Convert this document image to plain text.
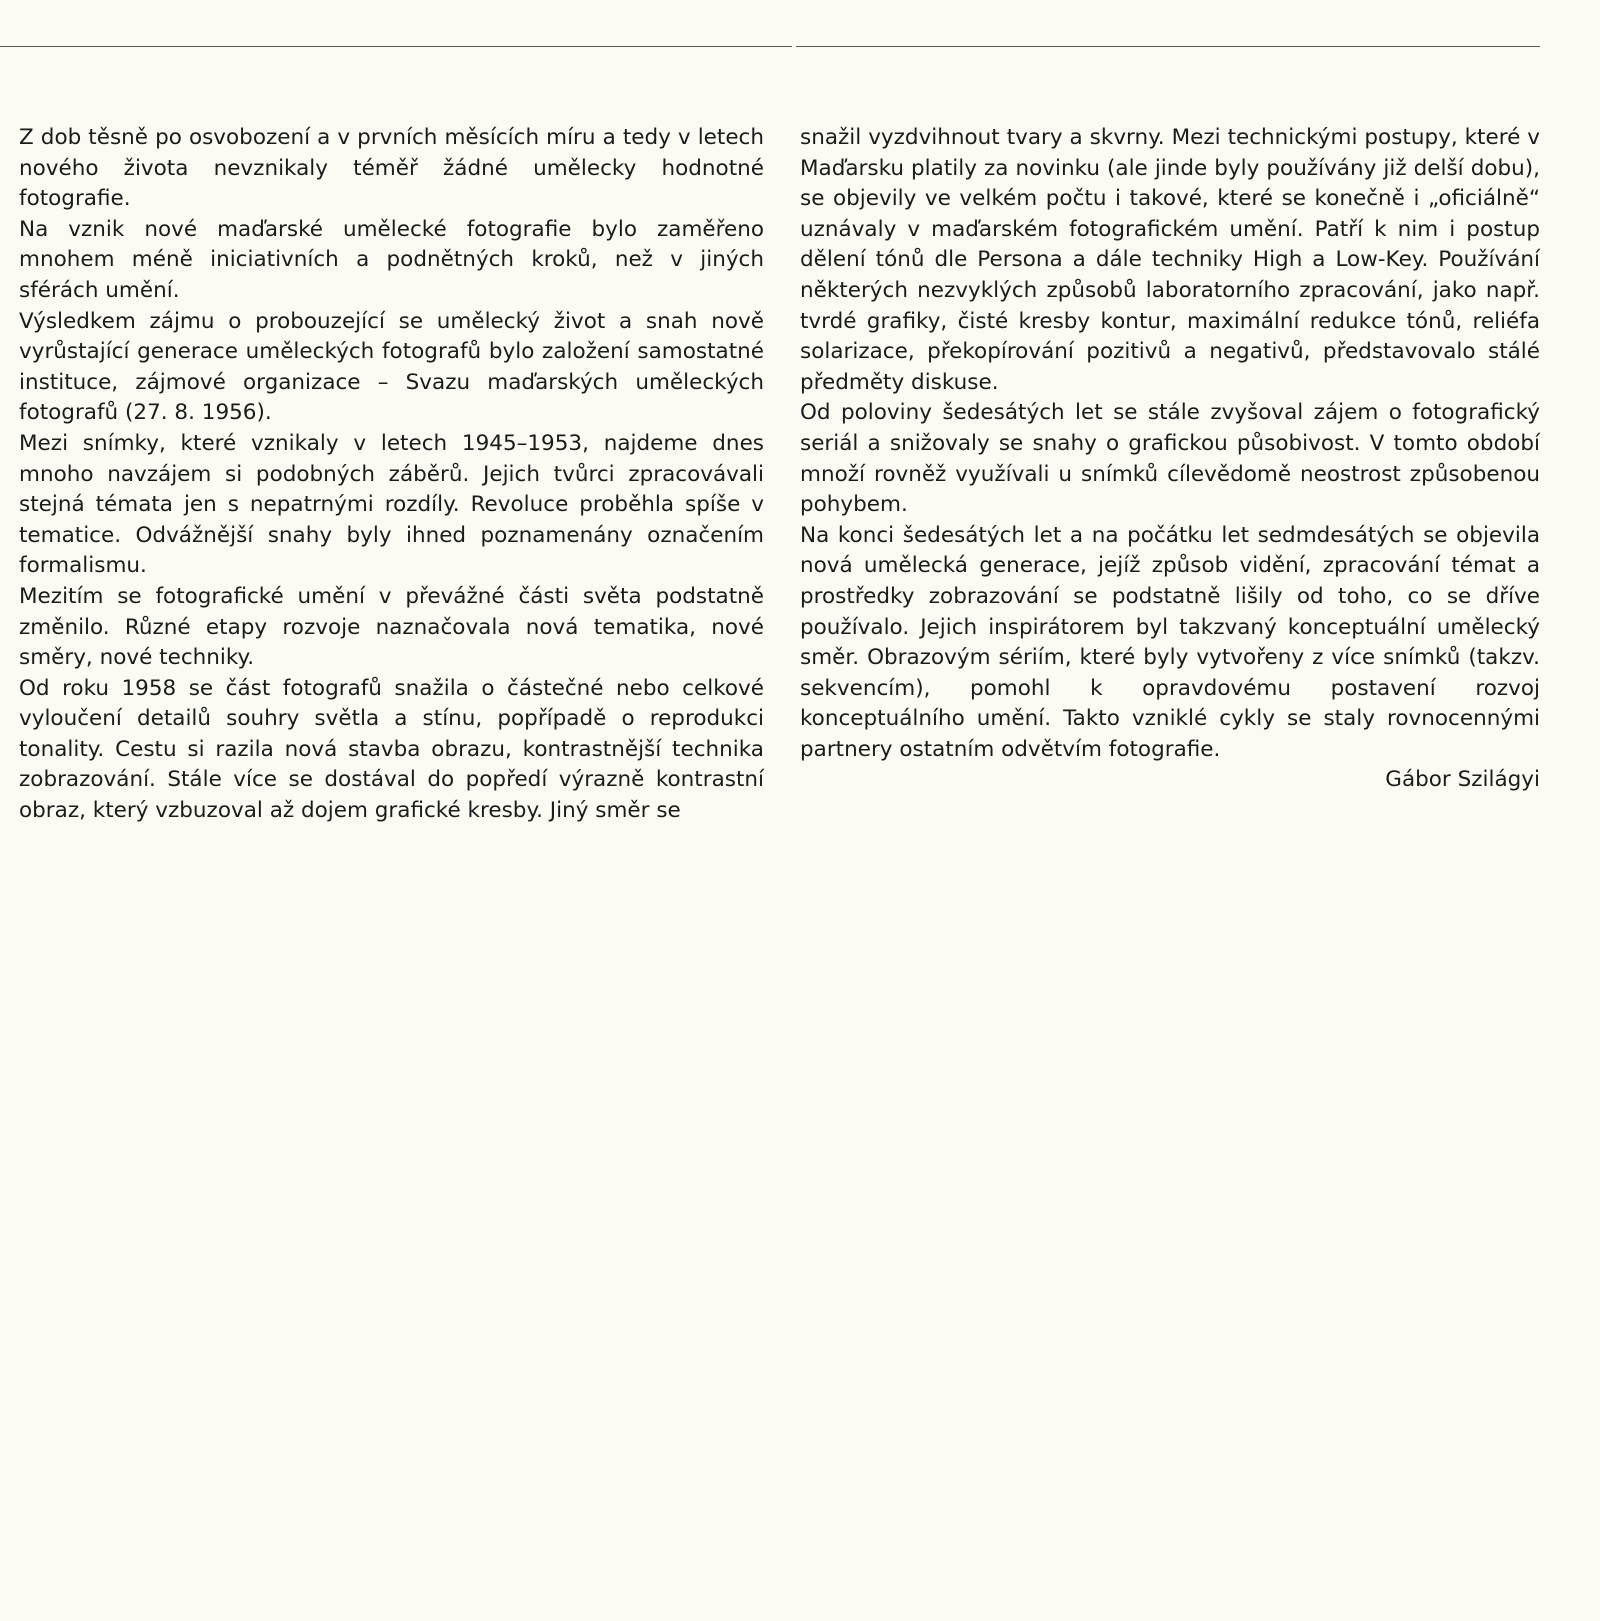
Z dob těsně po osvobození a v prvních měsících míru a tedy v letech nového života nevznikaly téměř žádné umělecky hodnotné fotografie.

Na vznik nové maďarské umělecké fotografie bylo zaměřeno mnohem méně iniciativních a podnětných kroků, než v jiných sférách umění.

Výsledkem zájmu o probouzející se umělecký život a snah nově vyrůstající generace uměleckých fotografů bylo založení samostatné instituce, zájmové organizace – Svazu maďarských uměleckých fotografů (27. 8. 1956).

Mezi snímky, které vznikaly v letech 1945–1953, najdeme dnes mnoho navzájem si podobných záběrů. Jejich tvůrci zpracovávali stejná témata jen s nepatrnými rozdíly. Revoluce proběhla spíše v tematice. Odvážnější snahy byly ihned poznamenány označením formalismu.

Mezitím se fotografické umění v převážné části světa podstatně změnilo. Různé etapy rozvoje naznačovala nová tematika, nové směry, nové techniky.

Od roku 1958 se část fotografů snažila o částečné nebo celkové vyloučení detailů souhry světla a stínu, popřípadě o reprodukci tonality. Cestu si razila nová stavba obrazu, kontrastnější technika zobrazování. Stále více se dostával do popředí výrazně kontrastní obraz, který vzbuzoval až dojem grafické kresby. Jiný směr se

snažil vyzdvihnout tvary a skvrny. Mezi technickými postupy, které v Maďarsku platily za novinku (ale jinde byly používány již delší dobu), se objevily ve velkém počtu i takové, které se konečně i „oficiálně“ uznávaly v maďarském fotografickém umění. Patří k nim i postup dělení tónů dle Persona a dále techniky High a Low-Key. Používání některých nezvyklých způsobů laboratorního zpracování, jako např. tvrdé grafiky, čisté kresby kontur, maximální redukce tónů, reliéfa solarizace, překopírování pozitivů a negativů, představovalo stálé předměty diskuse.

Od poloviny šedesátých let se stále zvyšoval zájem o fotografický seriál a snižovaly se snahy o grafickou působivost. V tomto období množí rovněž využívali u snímků cílevědomě neostrost způsobenou pohybem.

Na konci šedesátých let a na počátku let sedmdesátých se objevila nová umělecká generace, jejíž způsob vidění, zpracování témat a prostředky zobrazování se podstatně lišily od toho, co se dříve používalo. Jejich inspirátorem byl takzvaný konceptuální umělecký směr. Obrazovým sériím, které byly vytvořeny z více snímků (takzv. sekvencím), pomohl k opravdovému postavení rozvoj konceptuálního umění. Takto vzniklé cykly se staly rovnocennými partnery ostatním odvětvím fotografie.

Gábor Szilágyi
